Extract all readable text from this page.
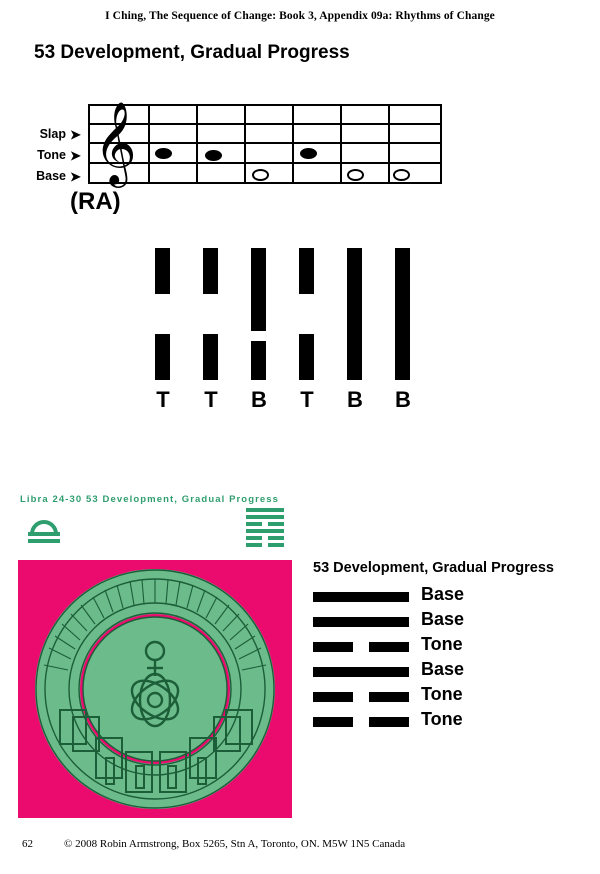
I Ching, The Sequence of Change: Book 3, Appendix 09a: Rhythms of Change
53 Development, Gradual Progress
Slap
Tone
Base
➤
➤
➤ 𝄞
(RA)
T T B T B B
Libra 24-30 53 Development, Gradual Progress
53 Development, Gradual Progress
Base
Base
Tone
Base
Tone
Tone
62	© 2008 Robin Armstrong, Box 5265, Stn A, Toronto, ON. M5W 1N5 Canada
